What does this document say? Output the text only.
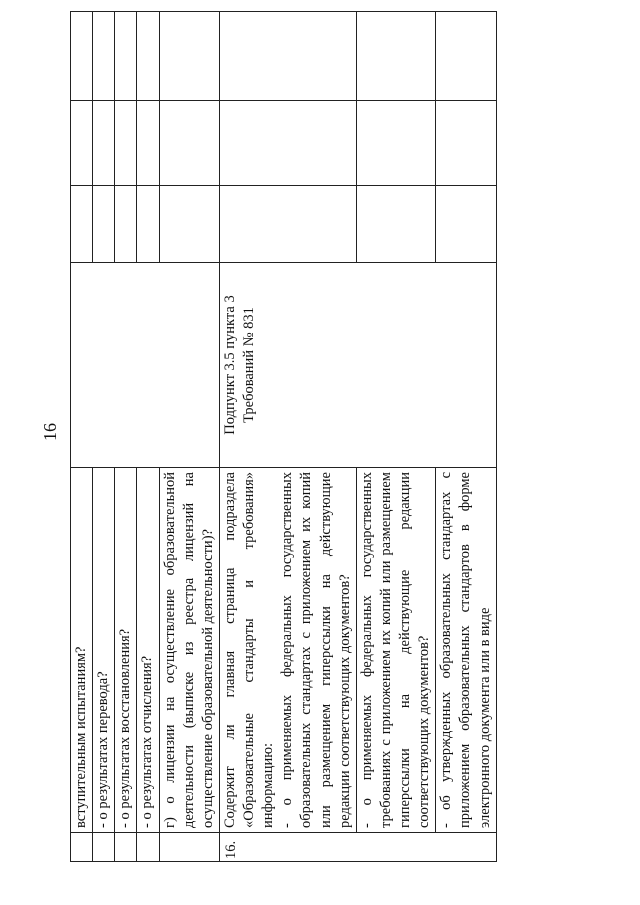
16
	вступительным испытаниям?				
	- о результатах перевода?				
	- о результатах восстановления?				
	- о результатах отчисления?				
	г) о лицензии на осуществление образовательной деятельности (выписке из реестра лицензий на осуществление образовательной деятельности)?				
16.	Содержит ли главная страница подраздела «Образовательные стандарты и требования» информацию: - о применяемых федеральных государственных образовательных стандартах с приложением их копий или размещением гиперссылки на действующие редакции соответствующих документов?	Подпункт 3.5 пункта 3 Требований № 831			
	- о применяемых федеральных государственных требованиях с приложением их копий или размещением гиперссылки на действующие редакции соответствующих документов?				
	- об утвержденных образовательных стандартах с приложением образовательных стандартов в форме электронного документа или в виде				
